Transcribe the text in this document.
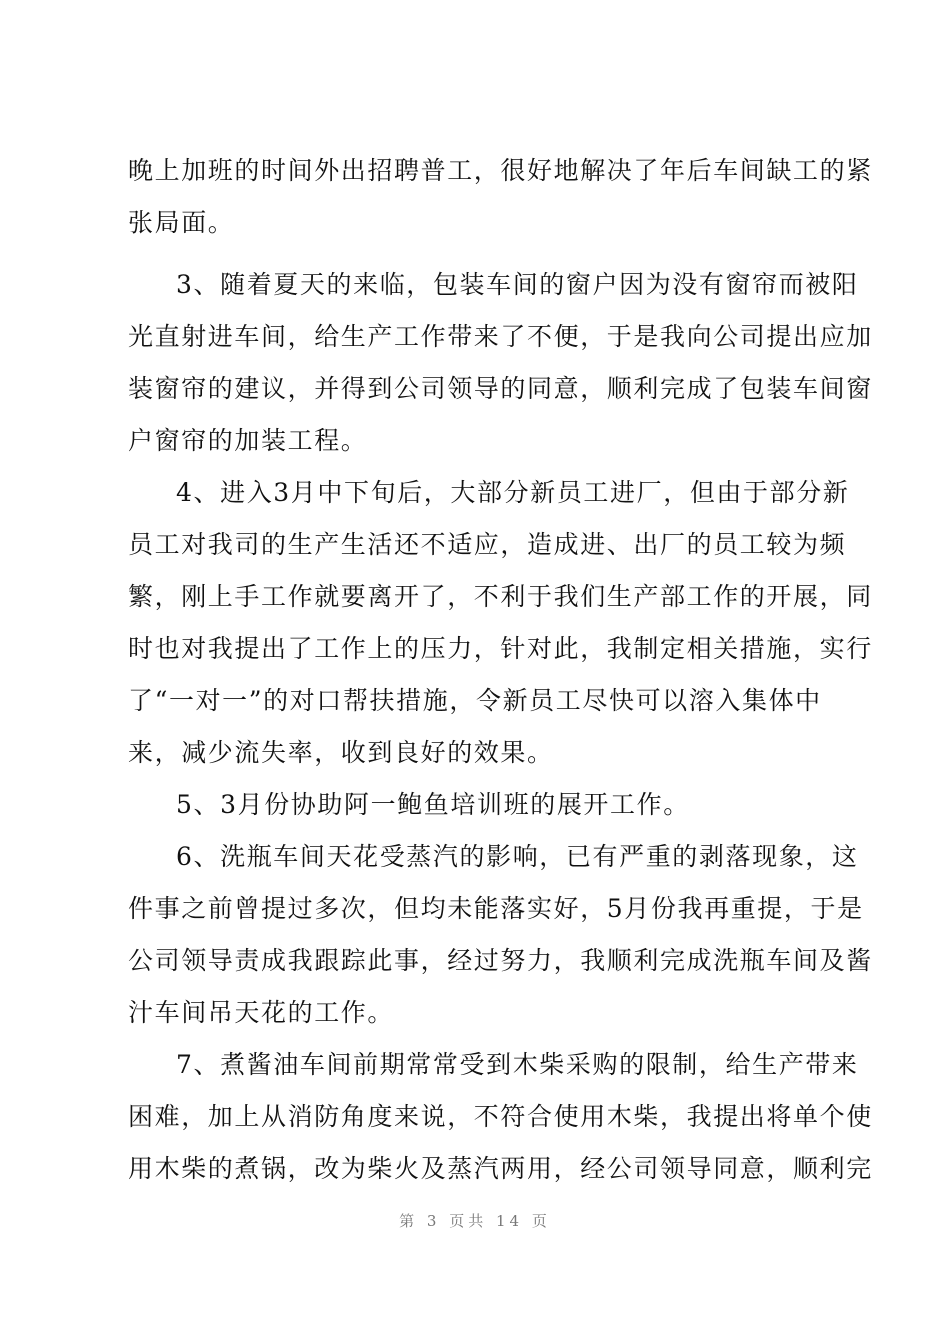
晚上加班的时间外出招聘普工，很好地解决了年后车间缺工的紧
张局面。
3、随着夏天的来临，包装车间的窗户因为没有窗帘而被阳
光直射进车间，给生产工作带来了不便，于是我向公司提出应加
装窗帘的建议，并得到公司领导的同意，顺利完成了包装车间窗
户窗帘的加装工程。
4、进入3月中下旬后，大部分新员工进厂，但由于部分新
员工对我司的生产生活还不适应，造成进、出厂的员工较为频
繁，刚上手工作就要离开了，不利于我们生产部工作的开展，同
时也对我提出了工作上的压力，针对此，我制定相关措施，实行
了“一对一”的对口帮扶措施，令新员工尽快可以溶入集体中
来，减少流失率，收到良好的效果。
5、3月份协助阿一鲍鱼培训班的展开工作。
6、洗瓶车间天花受蒸汽的影响，已有严重的剥落现象，这
件事之前曾提过多次，但均未能落实好，5月份我再重提，于是
公司领导责成我跟踪此事，经过努力，我顺利完成洗瓶车间及酱
汁车间吊天花的工作。
7、煮酱油车间前期常常受到木柴采购的限制，给生产带来
困难，加上从消防角度来说，不符合使用木柴，我提出将单个使
用木柴的煮锅，改为柴火及蒸汽两用，经公司领导同意，顺利完
第 3 页共 14 页
